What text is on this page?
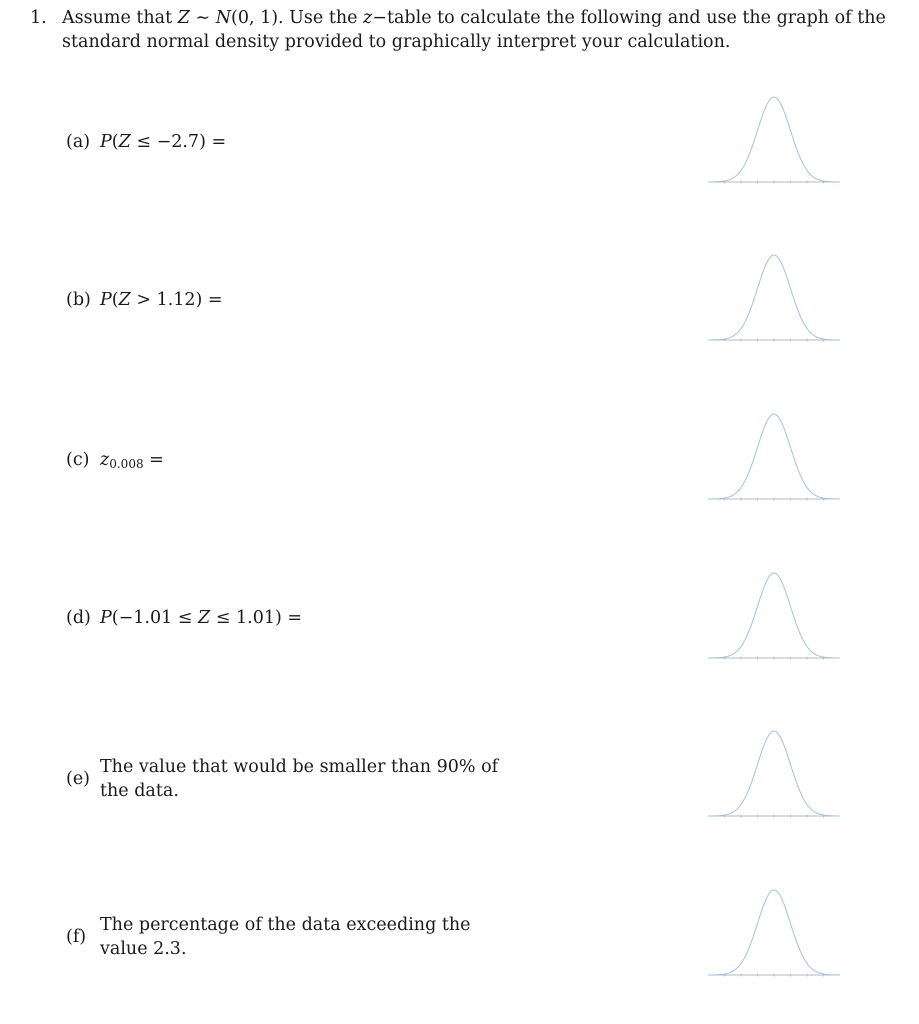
1. Assume that Z ∼ N(0, 1). Use the z−table to calculate the following and use the graph of the standard normal density provided to graphically interpret your calculation.
(a) P(Z ≤ −2.7) =
(b) P(Z > 1.12) =
(c) $z_{0.008}$ =
(d) P(−1.01 ≤ Z ≤ 1.01) =
(e)
The value that would be smaller than 90% of the data.
(f)
The percentage of the data exceeding the value 2.3.
